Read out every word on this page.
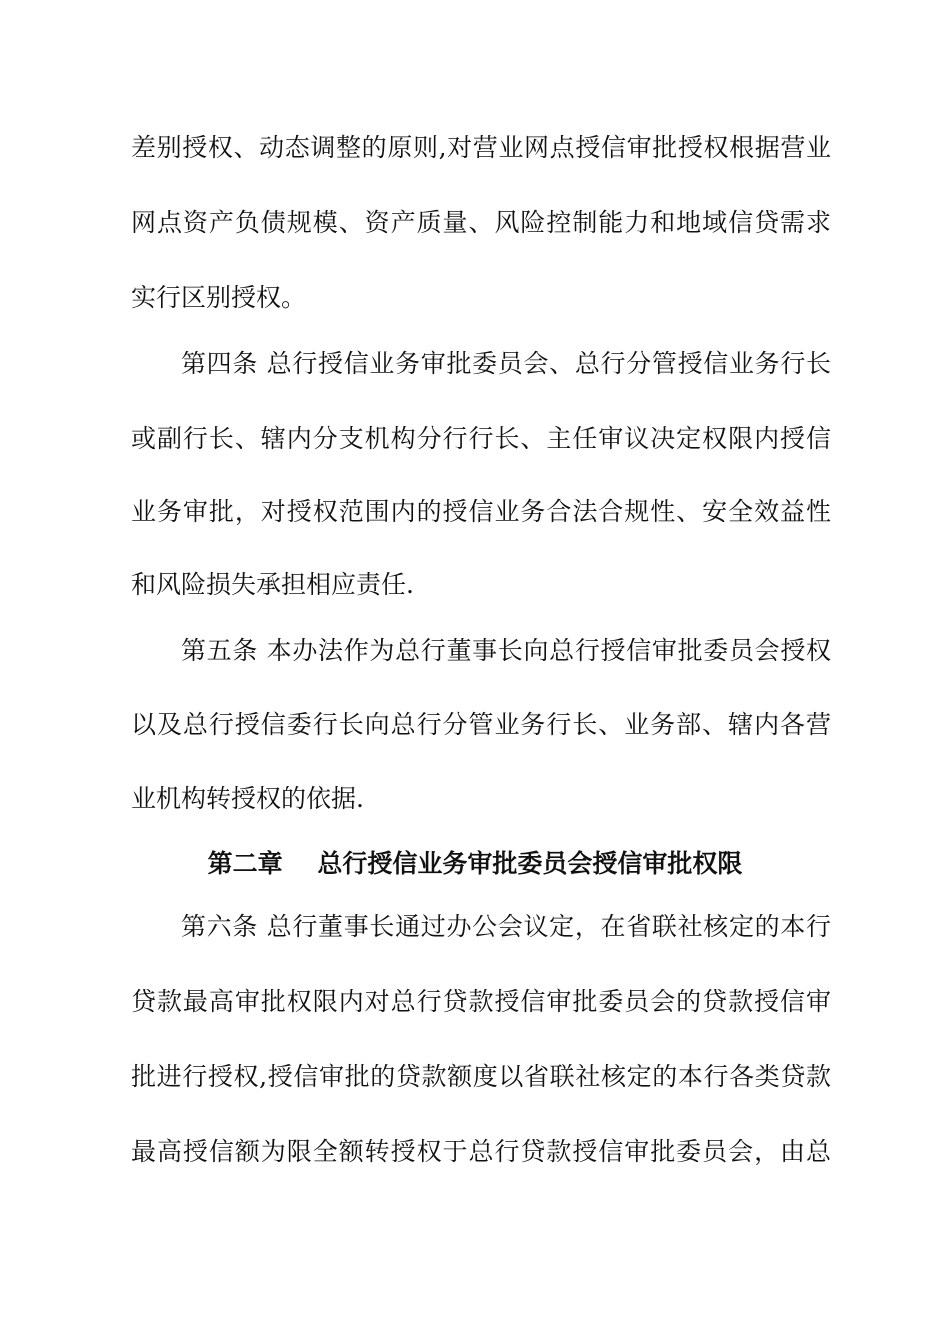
差别授权、动态调整的原则,对营业网点授信审批授权根据营业
网点资产负债规模、资产质量、风险控制能力和地域信贷需求
实行区别授权。
第四条 总行授信业务审批委员会、总行分管授信业务行长
或副行长、辖内分支机构分行行长、主任审议决定权限内授信
业务审批，对授权范围内的授信业务合法合规性、安全效益性
和风险损失承担相应责任.
第五条 本办法作为总行董事长向总行授信审批委员会授权
以及总行授信委行长向总行分管业务行长、业务部、辖内各营
业机构转授权的依据.
第二章    总行授信业务审批委员会授信审批权限
第六条 总行董事长通过办公会议定，在省联社核定的本行
贷款最高审批权限内对总行贷款授信审批委员会的贷款授信审
批进行授权,授信审批的贷款额度以省联社核定的本行各类贷款
最高授信额为限全额转授权于总行贷款授信审批委员会，由总
